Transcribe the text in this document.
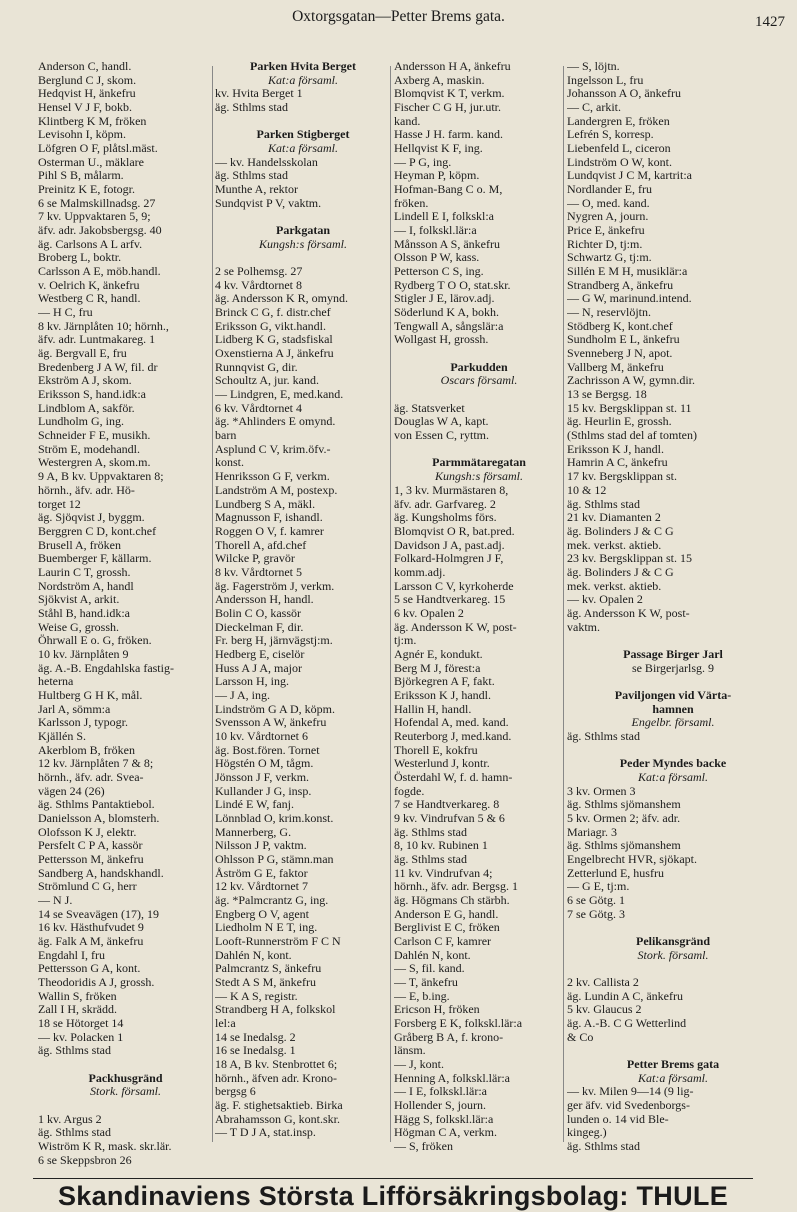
Oxtorgsgatan—Petter Brems gata.	1427
Anderson C, handl.
Berglund C J, skom.
Hedqvist H, änkefru
Hensel V J F, bokb.
Klintberg K M, fröken
Levisohn I, köpm.
Löfgren O F, plåtsl.mäst.
Osterman U., mäklare
Pihl S B, målarm.
Preinitz K E, fotogr.
6 se Malmskillnadsg. 27
7 kv. Uppvaktaren 5, 9;
äfv. adr. Jakobsbergsg. 40
äg. Carlsons A L arfv.
Broberg L, boktr.
Carlsson A E, möb.handl.
v. Oelrich K, änkefru
Westberg C R, handl.
— H C, fru
8 kv. Järnplåten 10; hörnh.,
äfv. adr. Luntmakareg. 1
äg. Bergvall E, fru
Bredenberg J A W, fil. dr
Ekström A J, skom.
Eriksson S, hand.idk:a
Lindblom A, sakför.
Lundholm G, ing.
Schneider F E, musikh.
Ström E, modehandl.
Westergren A, skom.m.
9 A, B kv. Uppvaktaren 8;
hörnh., äfv. adr. Hö-
torget 12
äg. Sjöqvist J, byggm.
Berggren C D, kont.chef
Brusell A, fröken
Buemberger F, källarm.
Laurin C T, grossh.
Nordström A, handl
Sjökvist A, arkit.
Ståhl B, hand.idk:a
Weise G, grossh.
Öhrwall E o. G, fröken.
10 kv. Järnplåten 9
äg. A.-B. Engdahlska fastig-
heterna
Hultberg G H K, mål.
Jarl A, sömm:a
Karlsson J, typogr.
Kjällén S.
Akerblom B, fröken
12 kv. Järnplåten 7 & 8;
hörnh., äfv. adr. Svea-
vägen 24 (26)
äg. Sthlms Pantaktiebol.
Danielsson A, blomsterh.
Olofsson K J, elektr.
Persfelt C P A, kassör
Pettersson M, änkefru
Sandberg A, handskhandl.
Strömlund C G, herr
— N J.
14 se Sveavägen (17), 19
16 kv. Hästhufvudet 9
äg. Falk A M, änkefru
Engdahl I, fru
Pettersson G A, kont.
Theodoridis A J, grossh.
Wallin S, fröken
Zall I H, skrädd.
18 se Hötorget 14
— kv. Polacken 1
äg. Sthlms stad

Packhusgränd
Stork. församl.

1 kv. Argus 2
äg. Sthlms stad
Wiström K R, mask. skr.lär.
6 se Skeppsbron 26
Parken Hvita Berget
Kat:a församl.
kv. Hvita Berget 1
äg. Sthlms stad

Parken Stigberget
Kat:a församl.
— kv. Handelsskolan
äg. Sthlms stad
Munthe A, rektor
Sundqvist P V, vaktm.

Parkgatan
Kungsh:s församl.

2 se Polhemsg. 27
4 kv. Vårdtornet 8
äg. Andersson K R, omynd.
Brinck C G, f. distr.chef
Eriksson G, vikt.handl.
Lidberg K G, stadsfiskal
Oxenstierna A J, änkefru
Runnqvist G, dir.
Schoultz A, jur. kand.
— Lindgren, E, med.kand.
6 kv. Vårdtornet 4
äg. *Ahlinders E omynd.
barn
Asplund C V, krim.öfv.-
konst.
Henriksson G F, verkm.
Landström A M, postexp.
Lundberg S A, mäkl.
Magnusson F, ishandl.
Roggen O V, f. kamrer
Thorell A, afd.chef
Wilcke P, gravör
8 kv. Vårdtornet 5
äg. Fagerström J, verkm.
Andersson H, handl.
Bolin C O, kassör
Dieckelman F, dir.
Fr. berg H, järnvägstj:m.
Hedberg E, ciselör
Huss A J A, major
Larsson H, ing.
— J A, ing.
Lindström G A D, köpm.
Svensson A W, änkefru
10 kv. Vårdtornet 6
äg. Bost.fören. Tornet
Högstén O M, tågm.
Jönsson J F, verkm.
Kullander J G, insp.
Lindé E W, fanj.
Lönnblad O, krim.konst.
Mannerberg, G.
Nilsson J P, vaktm.
Ohlsson P G, stämn.man
Åström G E, faktor
12 kv. Vårdtornet 7
äg. *Palmcrantz G, ing.
Engberg O V, agent
Liedholm N E T, ing.
Looft-Runnerström F C N
Dahlén N, kont.
Palmcrantz S, änkefru
Stedt A S M, änkefru
— K A S, registr.
Strandberg H A, folkskol
lel:a
14 se Inedalsg. 2
16 se Inedalsg. 1
18 A, B kv. Stenbrottet 6;
hörnh., äfven adr. Krono-
bergsg 6
äg. F. stighetsaktieb. Birka
Abrahamsson G, kont.skr.
— T D J A, stat.insp.
Andersson H A, änkefru
Axberg A, maskin.
Blomqvist K T, verkm.
Fischer C G H, jur.utr.
kand.
Hasse J H. farm. kand.
Hellqvist K F, ing.
— P G, ing.
Heyman P, köpm.
Hofman-Bang C o. M,
fröken.
Lindell E I, folkskl:a
— I, folkskl.lär:a
Månsson A S, änkefru
Olsson P W, kass.
Petterson C S, ing.
Rydberg T O O, stat.skr.
Stigler J E, lärov.adj.
Söderlund K A, bokh.
Tengwall A, sångslär:a
Wollgast H, grossh.

Parkudden
Oscars församl.

äg. Statsverket
Douglas W A, kapt.
von Essen C, ryttm.

Parmmätaregatan
Kungsh:s församl.
1, 3 kv. Murmästaren 8,
äfv. adr. Garfvareg. 2
äg. Kungsholms förs.
Blomqvist O R, bat.pred.
Davidson J A, past.adj.
Folkard-Holmgren J F,
komm.adj.
Larsson C V, kyrkoherde
5 se Handtverkareg. 15
6 kv. Opalen 2
äg. Andersson K W, post-
tj:m.
Agnér E, kondukt.
Berg M J, förest:a
Björkegren A F, fakt.
Eriksson K J, handl.
Hallin H, handl.
Hofendal A, med. kand.
Reuterborg J, med.kand.
Thorell E, kokfru
Westerlund J, kontr.
Österdahl W, f. d. hamn-
fogde.
7 se Handtverkareg. 8
9 kv. Vindrufvan 5 & 6
äg. Sthlms stad
8, 10 kv. Rubinen 1
äg. Sthlms stad
11 kv. Vindrufvan 4;
hörnh., äfv. adr. Bergsg. 1
äg. Högmans Ch stärbh.
Anderson E G, handl.
Berglivist E C, fröken
Carlson C F, kamrer
Dahlén N, kont.
— S, fil. kand.
— T, änkefru
— E, b.ing.
Ericson H, fröken
Forsberg E K, folkskl.lär:a
Gråberg B A, f. krono-
länsm.
— J, kont.
Henning A, folkskl.lär:a
— I E, folkskl.lär:a
Hollender S, journ.
Hägg S, folkskl.lär:a
Högman C A, verkm.
— S, fröken
— S, löjtn.
Ingelsson L, fru
Johansson A O, änkefru
— C, arkit.
Landergren E, fröken
Lefrén S, korresp.
Liebenfeld L, ciceron
Lindström O W, kont.
Lundqvist J C M, kartrit:a
Nordlander E, fru
— O, med. kand.
Nygren A, journ.
Price E, änkefru
Richter D, tj:m.
Schwartz G, tj:m.
Sillén E M H, musiklär:a
Strandberg A, änkefru
— G W, marinund.intend.
— N, reservlöjtn.
Stödberg K, kont.chef
Sundholm E L, änkefru
Svenneberg J N, apot.
Vallberg M, änkefru
Zachrisson A W, gymn.dir.
13 se Bergsg. 18
15 kv. Bergsklippan st. 11
äg. Heurlin E, grossh.
(Sthlms stad del af tomten)
Eriksson K J, handl.
Hamrin A C, änkefru
17 kv. Bergsklippan st.
10 & 12
äg. Sthlms stad
21 kv. Diamanten 2
äg. Bolinders J & C G
mek. verkst. aktieb.
23 kv. Bergsklippan st. 15
äg. Bolinders J & C G
mek. verkst. aktieb.
— kv. Opalen 2
äg. Andersson K W, post-
vaktm.

Passage Birger Jarl
se Birgerjarlsg. 9

Paviljongen vid Värta-
hamnen
Engelbr. församl.
äg. Sthlms stad

Peder Myndes backe
Kat:a församl.
3 kv. Ormen 3
äg. Sthlms sjömanshem
5 kv. Ormen 2; äfv. adr.
Mariagr. 3
äg. Sthlms sjömanshem
Engelbrecht HVR, sjökapt.
Zetterlund E, husfru
— G E, tj:m.
6 se Götg. 1
7 se Götg. 3

Pelikansgränd
Stork. församl.

2 kv. Callista 2
äg. Lundin A C, änkefru
5 kv. Glaucus 2
äg. A.-B. C G Wetterlind
& Co

Petter Brems gata
Kat:a församl.
— kv. Milen 9—14 (9 lig-
ger äfv. vid Svedenborgs-
lunden o. 14 vid Ble-
kingeg.)
äg. Sthlms stad
Skandinaviens Största Lifförsäkringsbolag: THULE
